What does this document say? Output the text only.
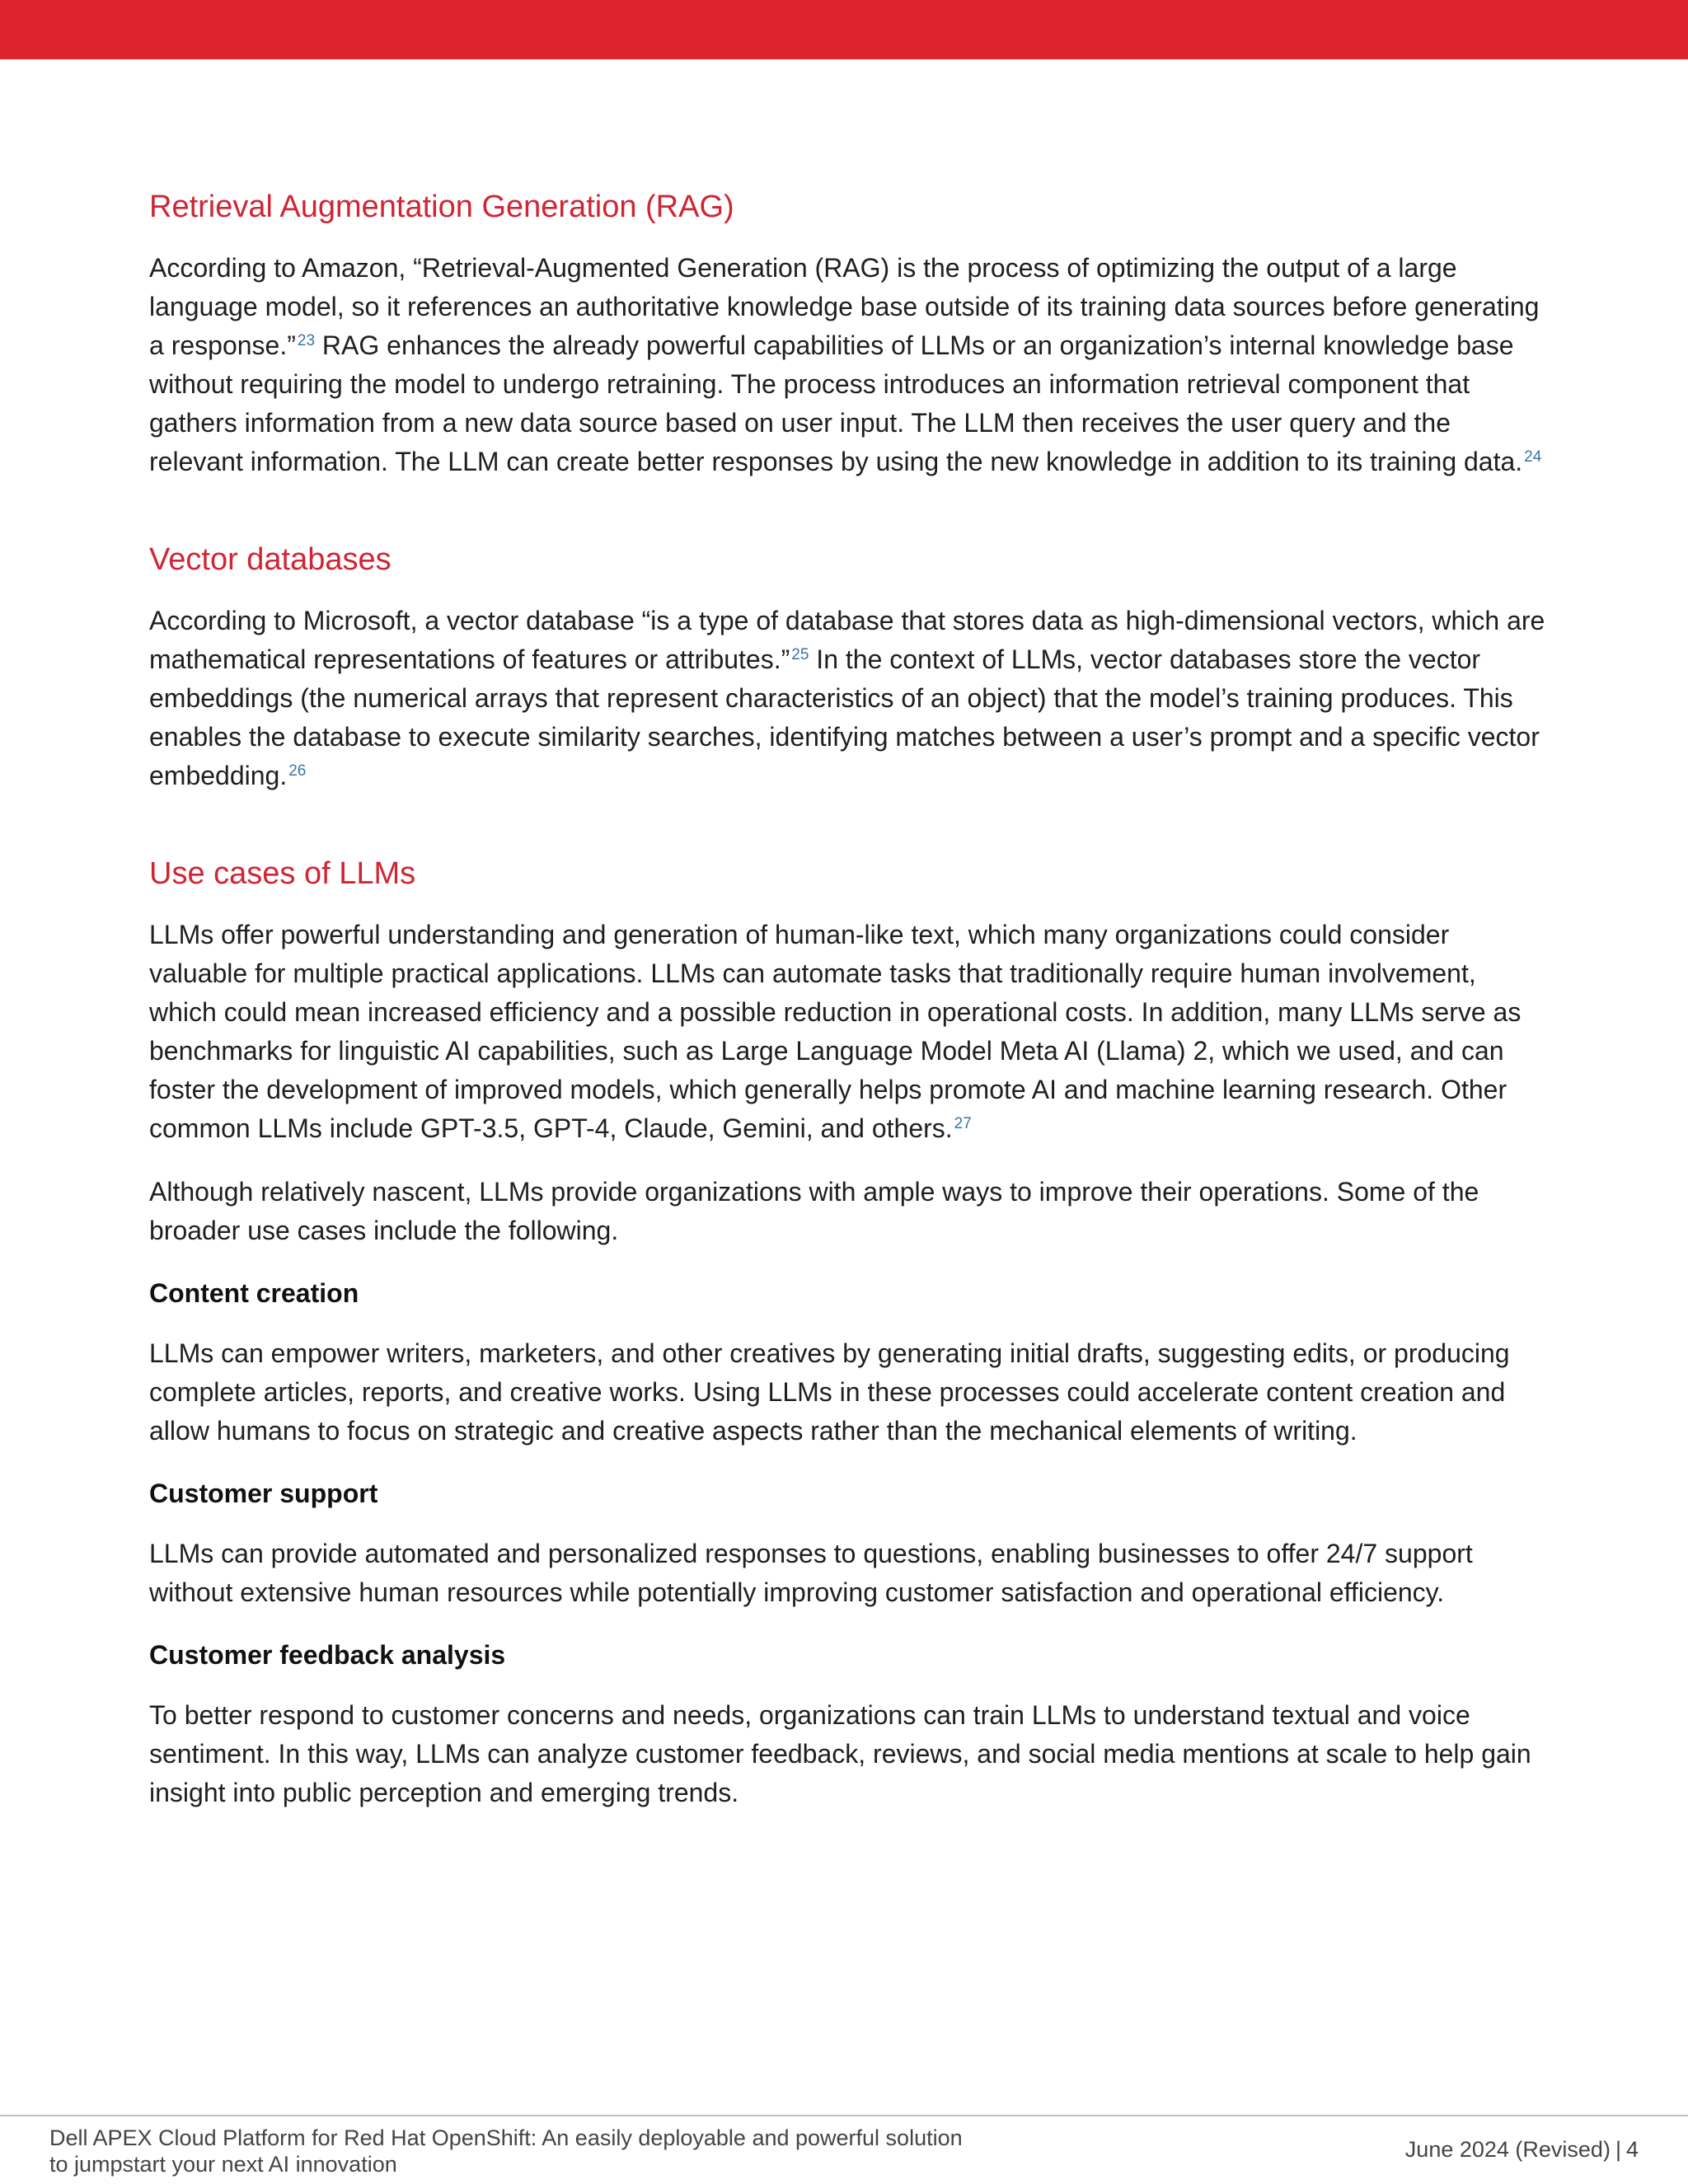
Retrieval Augmentation Generation (RAG)

According to Amazon, “Retrieval-Augmented Generation (RAG) is the process of optimizing the output of a large language model, so it references an authoritative knowledge base outside of its training data sources before generating a response.” $^{23}$ RAG enhances the already powerful capabilities of LLMs or an organization’s internal knowledge base without requiring the model to undergo retraining. The process introduces an information retrieval component that gathers information from a new data source based on user input. The LLM then receives the user query and the relevant information. The LLM can create better responses by using the new knowledge in addition to its training data. $^{24}$

Vector databases

According to Microsoft, a vector database “is a type of database that stores data as high-dimensional vectors, which are mathematical representations of features or attributes.” $^{25}$ In the context of LLMs, vector databases store the vector embeddings (the numerical arrays that represent characteristics of an object) that the model’s training produces. This enables the database to execute similarity searches, identifying matches between a user’s prompt and a specific vector embedding. $^{26}$

Use cases of LLMs

LLMs offer powerful understanding and generation of human-like text, which many organizations could consider valuable for multiple practical applications. LLMs can automate tasks that traditionally require human involvement, which could mean increased efficiency and a possible reduction in operational costs. In addition, many LLMs serve as benchmarks for linguistic AI capabilities, such as Large Language Model Meta AI (Llama) 2, which we used, and can foster the development of improved models, which generally helps promote AI and machine learning research. Other common LLMs include GPT-3.5, GPT-4, Claude, Gemini, and others. $^{27}$

Although relatively nascent, LLMs provide organizations with ample ways to improve their operations. Some of the broader use cases include the following.

Content creation

LLMs can empower writers, marketers, and other creatives by generating initial drafts, suggesting edits, or producing complete articles, reports, and creative works. Using LLMs in these processes could accelerate content creation and allow humans to focus on strategic and creative aspects rather than the mechanical elements of writing.

Customer support

LLMs can provide automated and personalized responses to questions, enabling businesses to offer 24/7 support without extensive human resources while potentially improving customer satisfaction and operational efficiency.

Customer feedback analysis

To better respond to customer concerns and needs, organizations can train LLMs to understand textual and voice sentiment. In this way, LLMs can analyze customer feedback, reviews, and social media mentions at scale to help gain insight into public perception and emerging trends.

Dell APEX Cloud Platform for Red Hat OpenShift: An easily deployable and powerful solution
to jumpstart your next AI innovation
June 2024 (Revised) | 4
